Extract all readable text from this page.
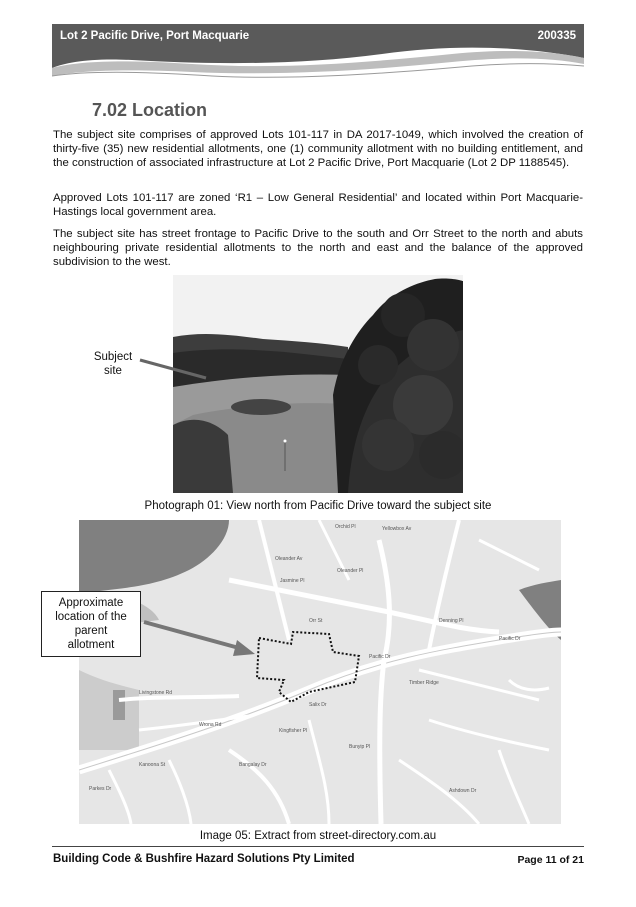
Lot 2 Pacific Drive, Port Macquarie	200335
7.02 Location

The subject site comprises of approved Lots 101-117 in DA 2017-1049, which involved the creation of thirty-five (35) new residential allotments, one (1) community allotment with no building entitlement, and the construction of associated infrastructure at Lot 2 Pacific Drive, Port Macquarie (Lot 2 DP 1188545).

Approved Lots 101-117 are zoned ‘R1 – Low General Residential’ and located within Port Macquarie-Hastings local government area.

The subject site has street frontage to Pacific Drive to the south and Orr Street to the north and abuts neighbouring private residential allotments to the north and east and the balance of the approved subdivision to the west.

Subject
site
Photograph 01: View north from Pacific Drive toward the subject site
Orchid Pl	Yellowbox Av
Oleander Av
Oleander Pl
Jasmine Pl
Orr St	Denning Pl
Pacific Dr
Pacific Dr
Livingstone Rd
Timber Ridge
Wrona Rd
Salix Dr
Kingfisher Pl
Bunyip Pl
Bangalay Dr
Kanoona St
Ashdown Dr
Parkes Dr
Approximate
location of the
parent
allotment
Image 05: Extract from street-directory.com.au
Building Code & Bushfire Hazard Solutions Pty Limited	Page 11 of 21
